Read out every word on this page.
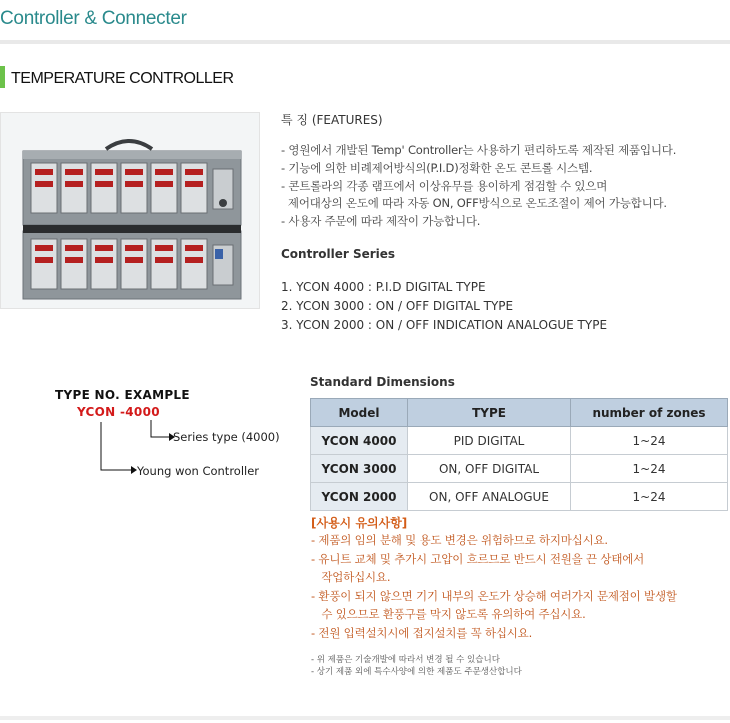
Controller & Connecter
TEMPERATURE CONTROLLER
특 징 (FEATURES)
- 영원에서 개발된 Temp' Controller는 사용하기 편리하도록 제작된 제품입니다.
- 기능에 의한 비례제어방식의(P.I.D)정확한 온도 콘트롤 시스템.
- 콘트롤라의 각종 램프에서 이상유무를 용이하게 점검할 수 있으며
제어대상의 온도에 따라 자동 ON, OFF방식으로 온도조절이 제어 가능합니다.
- 사용자 주문에 따라 제작이 가능합니다.
Controller Series
1. YCON 4000 : P.I.D DIGITAL TYPE
2. YCON 3000 : ON / OFF DIGITAL TYPE
3. YCON 2000 : ON / OFF INDICATION ANALOGUE TYPE
TYPE NO. EXAMPLE
YCON -4000
Series type (4000)
Young won Controller
Standard Dimensions
Model	TYPE	number of zones
YCON 4000	PID DIGITAL	1~24
YCON 3000	ON, OFF DIGITAL	1~24
YCON 2000	ON, OFF ANALOGUE	1~24
[사용시 유의사항]
- 제품의 임의 분해 및 용도 변경은 위험하므로 하지마십시요.
- 유니트 교체 및 추가시 고압이 흐르므로 반드시 전원을 끈 상태에서
작업하십시요.
- 환풍이 되지 않으면 기기 내부의 온도가 상승해 여러가지 문제점이 발생할
수 있으므로 환풍구를 막지 않도록 유의하여 주십시요.
- 전원 입력설치시에 접지설치를 꼭 하십시요.
- 위 제품은 기술개발에 따라서 변경 될 수 있습니다
- 상기 제품 외에 특수사양에 의한 제품도 주문생산합니다
